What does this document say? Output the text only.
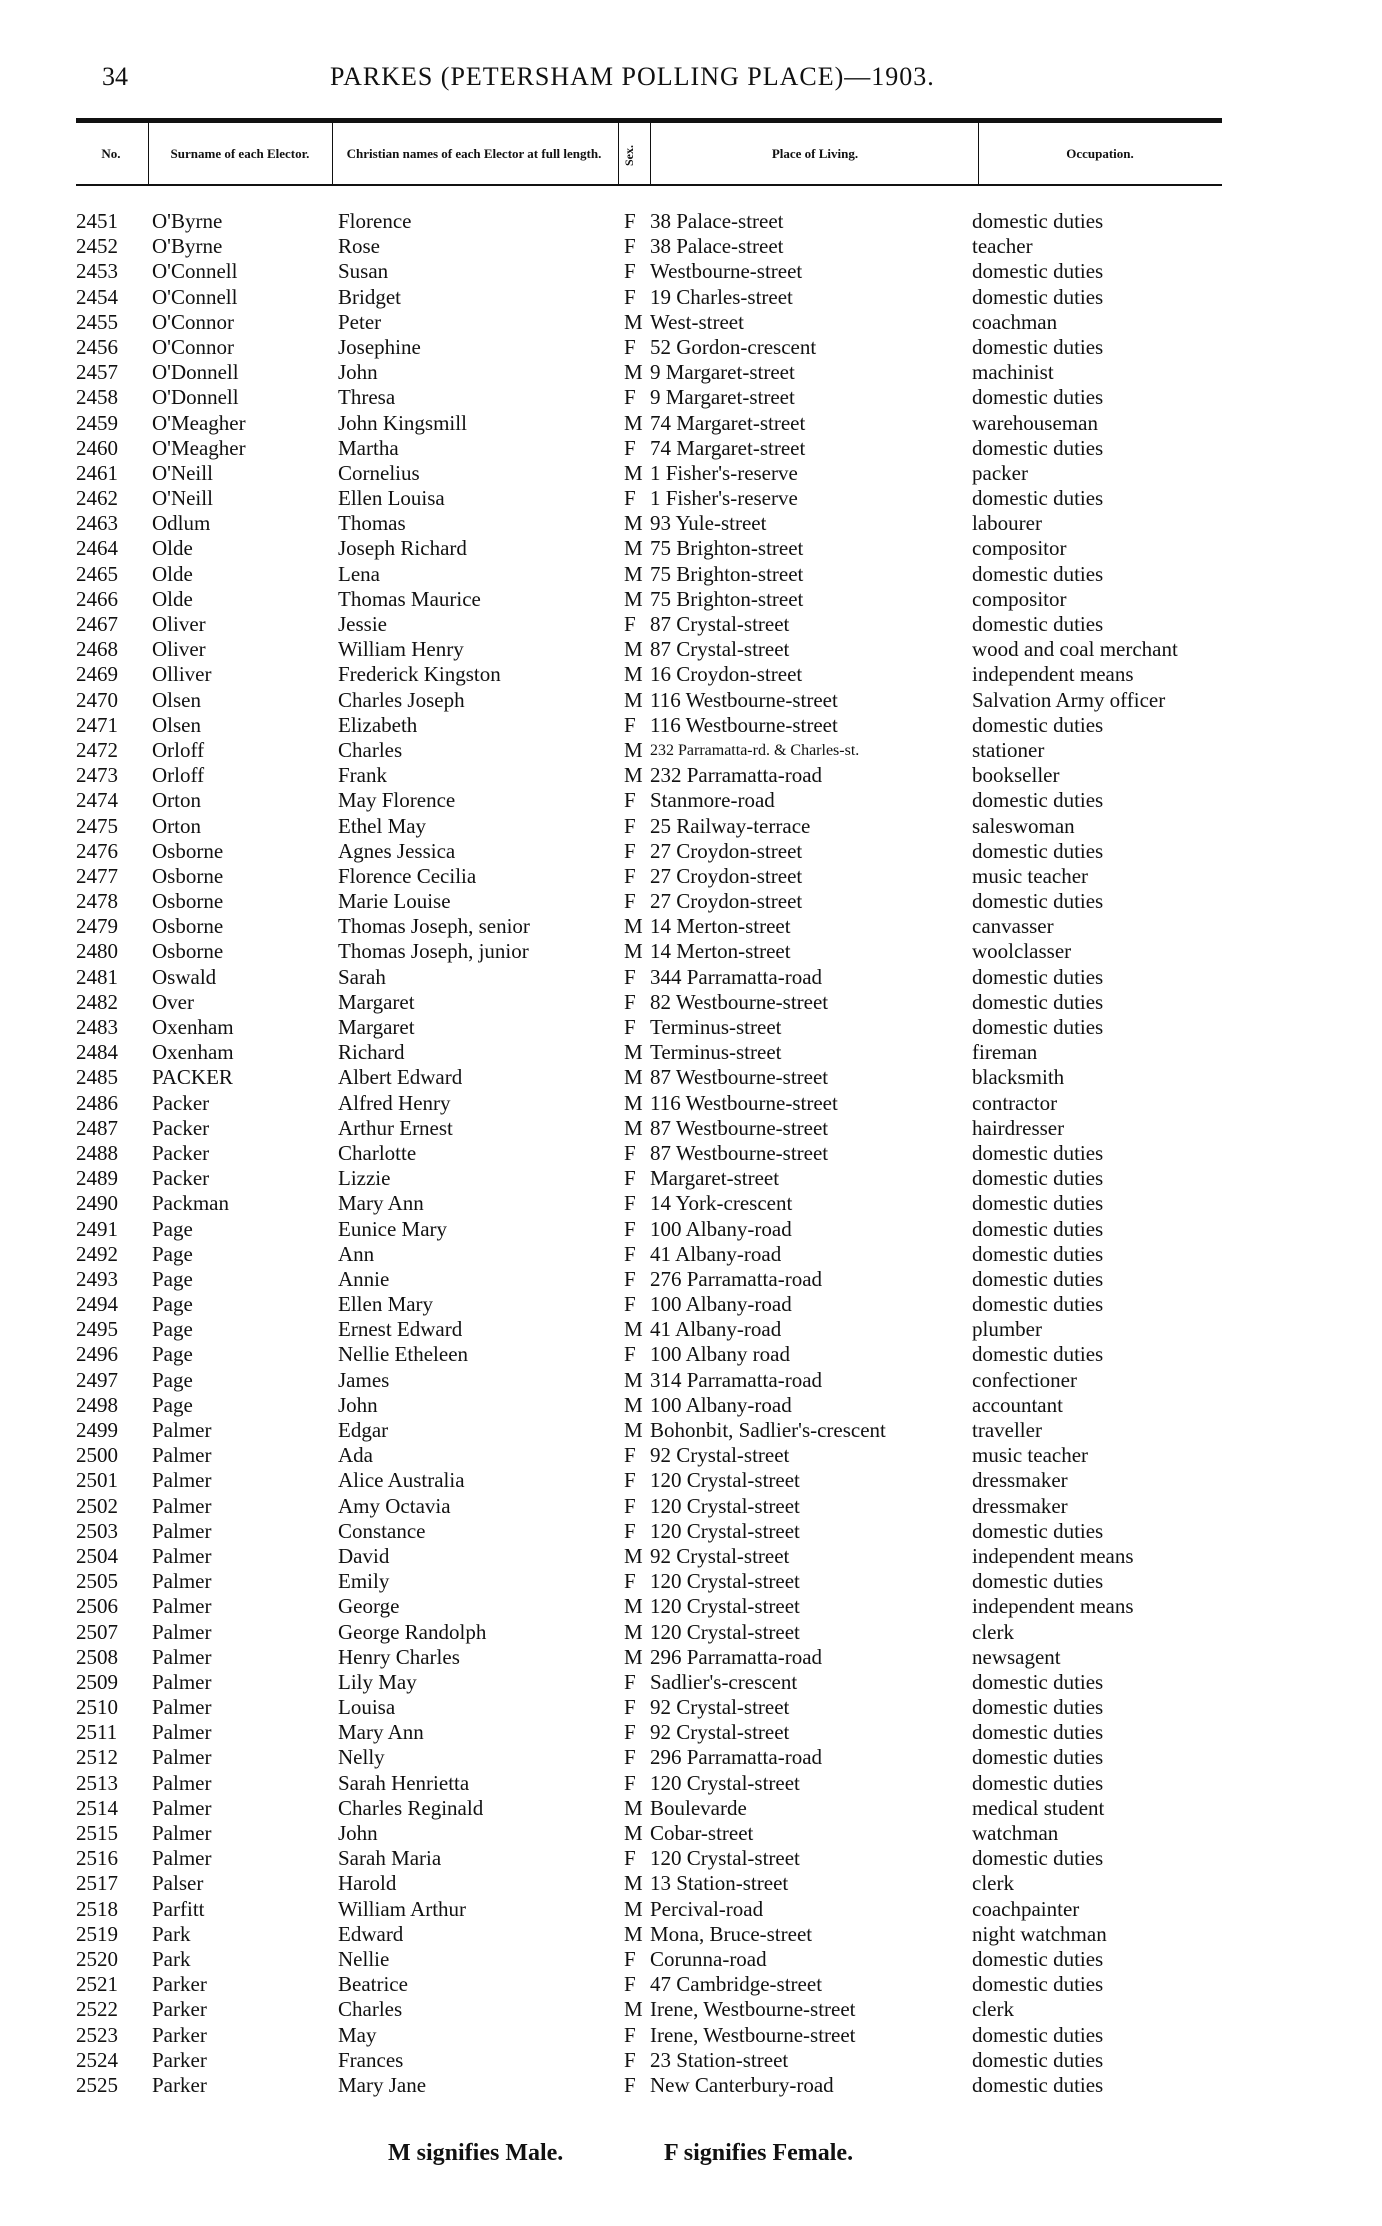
34	PARKES (PETERSHAM POLLING PLACE)—1903.
No.	Surname of each Elector.	Christian names of each Elector at full length.	Sex.	Place of Living.	Occupation.
2451 O'Byrne	Florence	F 38 Palace-street	domestic duties
2452 O'Byrne	Rose	F 38 Palace-street	teacher
2453 O'Connell	Susan	F Westbourne-street	domestic duties
2454 O'Connell	Bridget	F 19 Charles-street	domestic duties
2455 O'Connor	Peter	M West-street	coachman
2456 O'Connor	Josephine	F 52 Gordon-crescent	domestic duties
2457 O'Donnell	John	M 9 Margaret-street	machinist
2458 O'Donnell	Thresa	F 9 Margaret-street	domestic duties
2459 O'Meagher	John Kingsmill	M 74 Margaret-street	warehouseman
2460 O'Meagher	Martha	F 74 Margaret-street	domestic duties
2461 O'Neill	Cornelius	M 1 Fisher's-reserve	packer
2462 O'Neill	Ellen Louisa	F 1 Fisher's-reserve	domestic duties
2463 Odlum	Thomas	M 93 Yule-street	labourer
2464 Olde	Joseph Richard	M 75 Brighton-street	compositor
2465 Olde	Lena	M 75 Brighton-street	domestic duties
2466 Olde	Thomas Maurice	M 75 Brighton-street	compositor
2467 Oliver	Jessie	F 87 Crystal-street	domestic duties
2468 Oliver	William Henry	M 87 Crystal-street	wood and coal merchant
2469 Olliver	Frederick Kingston	M 16 Croydon-street	independent means
2470 Olsen	Charles Joseph	M 116 Westbourne-street	Salvation Army officer
2471 Olsen	Elizabeth	F 116 Westbourne-street	domestic duties
2472 Orloff	Charles	M 232 Parramatta-rd. & Charles-st.	stationer
2473 Orloff	Frank	M 232 Parramatta-road	bookseller
2474 Orton	May Florence	F Stanmore-road	domestic duties
2475 Orton	Ethel May	F 25 Railway-terrace	saleswoman
2476 Osborne	Agnes Jessica	F 27 Croydon-street	domestic duties
2477 Osborne	Florence Cecilia	F 27 Croydon-street	music teacher
2478 Osborne	Marie Louise	F 27 Croydon-street	domestic duties
2479 Osborne	Thomas Joseph, senior	M 14 Merton-street	canvasser
2480 Osborne	Thomas Joseph, junior	M 14 Merton-street	woolclasser
2481 Oswald	Sarah	F 344 Parramatta-road	domestic duties
2482 Over	Margaret	F 82 Westbourne-street	domestic duties
2483 Oxenham	Margaret	F Terminus-street	domestic duties
2484 Oxenham	Richard	M Terminus-street	fireman
2485 PACKER	Albert Edward	M 87 Westbourne-street	blacksmith
2486 Packer	Alfred Henry	M 116 Westbourne-street	contractor
2487 Packer	Arthur Ernest	M 87 Westbourne-street	hairdresser
2488 Packer	Charlotte	F 87 Westbourne-street	domestic duties
2489 Packer	Lizzie	F Margaret-street	domestic duties
2490 Packman	Mary Ann	F 14 York-crescent	domestic duties
2491 Page	Eunice Mary	F 100 Albany-road	domestic duties
2492 Page	Ann	F 41 Albany-road	domestic duties
2493 Page	Annie	F 276 Parramatta-road	domestic duties
2494 Page	Ellen Mary	F 100 Albany-road	domestic duties
2495 Page	Ernest Edward	M 41 Albany-road	plumber
2496 Page	Nellie Etheleen	F 100 Albany road	domestic duties
2497 Page	James	M 314 Parramatta-road	confectioner
2498 Page	John	M 100 Albany-road	accountant
2499 Palmer	Edgar	M Bohonbit, Sadlier's-crescent	traveller
2500 Palmer	Ada	F 92 Crystal-street	music teacher
2501 Palmer	Alice Australia	F 120 Crystal-street	dressmaker
2502 Palmer	Amy Octavia	F 120 Crystal-street	dressmaker
2503 Palmer	Constance	F 120 Crystal-street	domestic duties
2504 Palmer	David	M 92 Crystal-street	independent means
2505 Palmer	Emily	F 120 Crystal-street	domestic duties
2506 Palmer	George	M 120 Crystal-street	independent means
2507 Palmer	George Randolph	M 120 Crystal-street	clerk
2508 Palmer	Henry Charles	M 296 Parramatta-road	newsagent
2509 Palmer	Lily May	F Sadlier's-crescent	domestic duties
2510 Palmer	Louisa	F 92 Crystal-street	domestic duties
2511 Palmer	Mary Ann	F 92 Crystal-street	domestic duties
2512 Palmer	Nelly	F 296 Parramatta-road	domestic duties
2513 Palmer	Sarah Henrietta	F 120 Crystal-street	domestic duties
2514 Palmer	Charles Reginald	M Boulevarde	medical student
2515 Palmer	John	M Cobar-street	watchman
2516 Palmer	Sarah Maria	F 120 Crystal-street	domestic duties
2517 Palser	Harold	M 13 Station-street	clerk
2518 Parfitt	William Arthur	M Percival-road	coachpainter
2519 Park	Edward	M Mona, Bruce-street	night watchman
2520 Park	Nellie	F Corunna-road	domestic duties
2521 Parker	Beatrice	F 47 Cambridge-street	domestic duties
2522 Parker	Charles	M Irene, Westbourne-street	clerk
2523 Parker	May	F Irene, Westbourne-street	domestic duties
2524 Parker	Frances	F 23 Station-street	domestic duties
2525 Parker	Mary Jane	F New Canterbury-road	domestic duties
M signifies Male.	F signifies Female.
